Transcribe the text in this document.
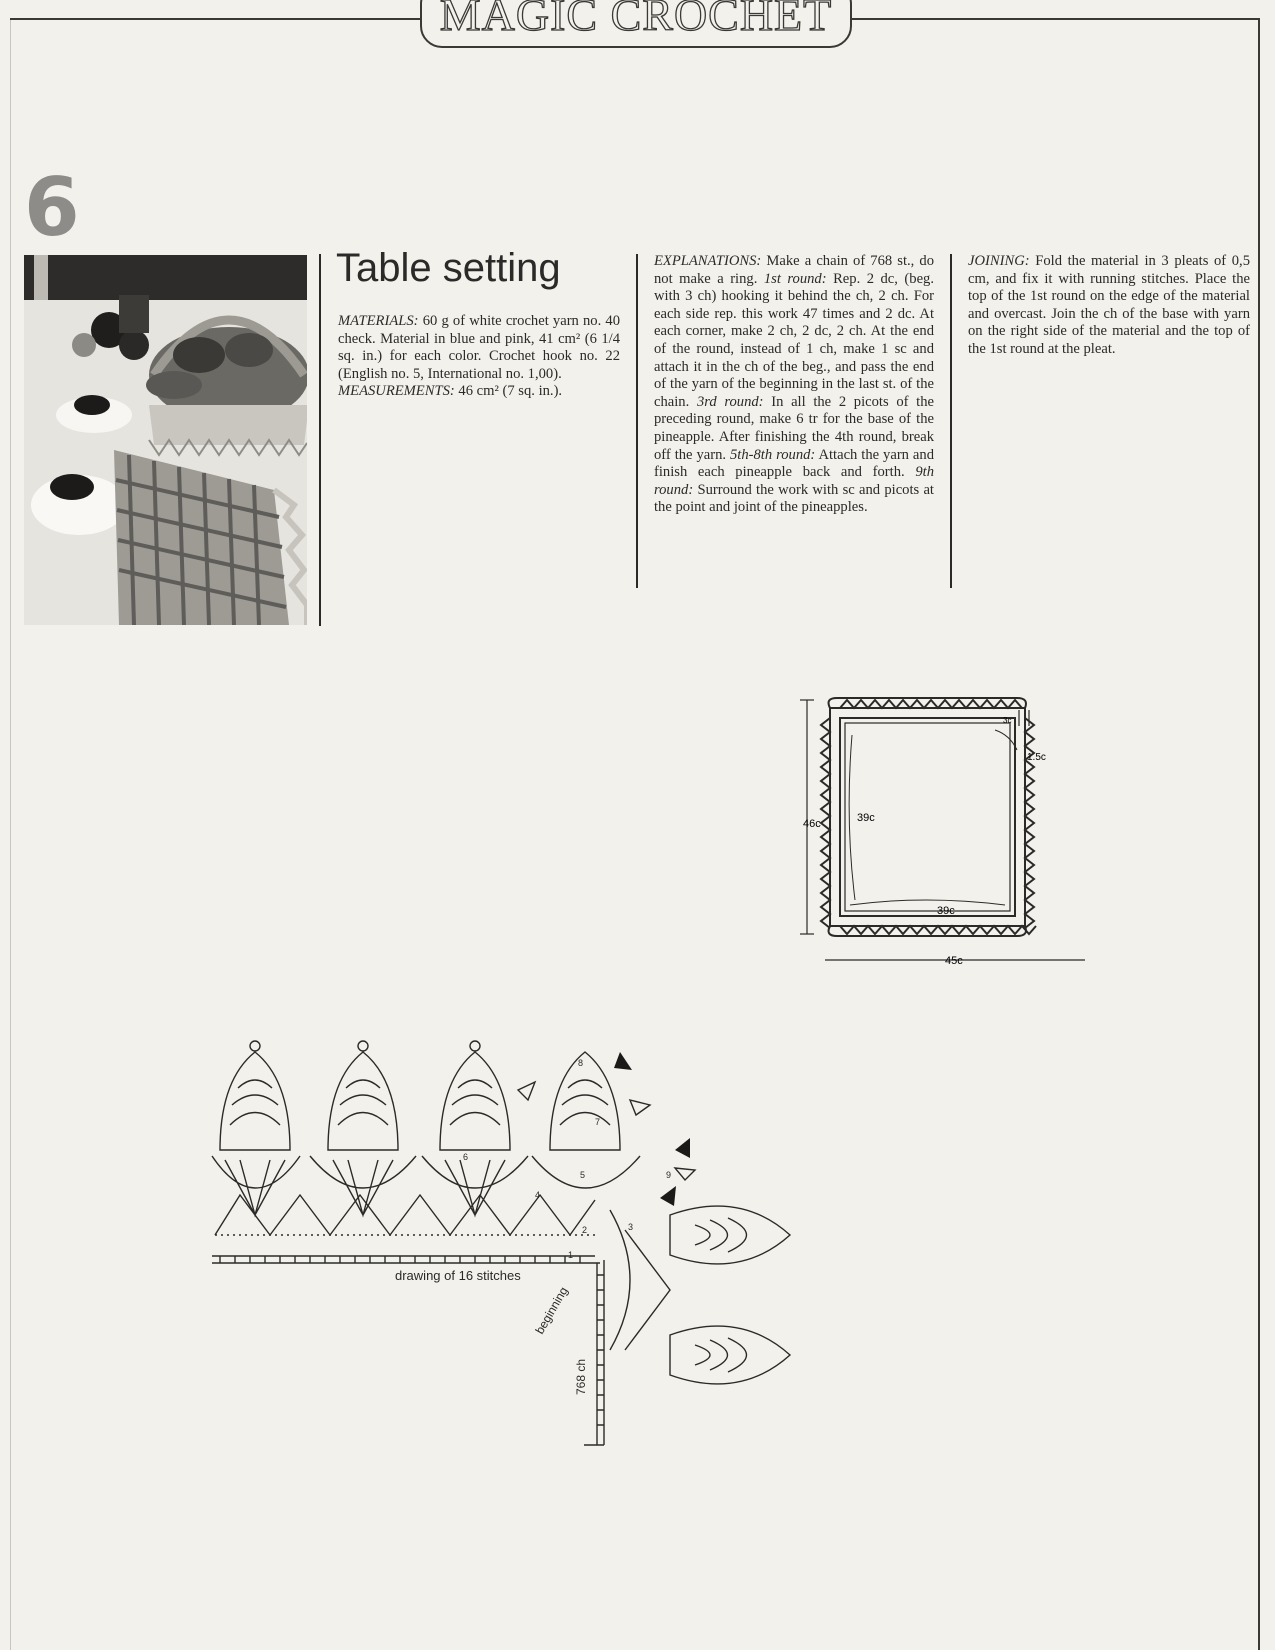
MAGIC CROCHET
6
Table setting
MATERIALS: 60 g of white crochet yarn no. 40 check. Material in blue and pink, 41 cm² (6 1/4 sq. in.) for each color. Crochet hook no. 22 (English no. 5, International no. 1,00).
MEASUREMENTS: 46 cm² (7 sq. in.).
EXPLANATIONS: Make a chain of 768 st., do not make a ring. 1st round: Rep. 2 dc, (beg. with 3 ch) hooking it behind the ch, 2 ch. For each side rep. this work 47 times and 2 dc. At each corner, make 2 ch, 2 dc, 2 ch. At the end of the round, instead of 1 ch, make 1 sc and attach it in the ch of the beg., and pass the end of the yarn of the beginning in the last st. of the chain. 3rd round: In all the 2 picots of the preceding round, make 6 tr for the base of the pineapple. After finishing the 4th round, break off the yarn. 5th-8th round: Attach the yarn and finish each pineapple back and forth. 9th round: Surround the work with sc and picots at the point and joint of the pineapples.
JOINING: Fold the material in 3 pleats of 0,5 cm, and fix it with running stitches. Place the top of the 1st round on the edge of the material and overcast. Join the ch of the base with yarn on the right side of the material and the top of the 1st round at the pleat.
46c	39c
39c
45c
1.5c
3c
1
2	3
4
5
6
7
8
9
drawing of 16 stitches
beginning
768 ch
